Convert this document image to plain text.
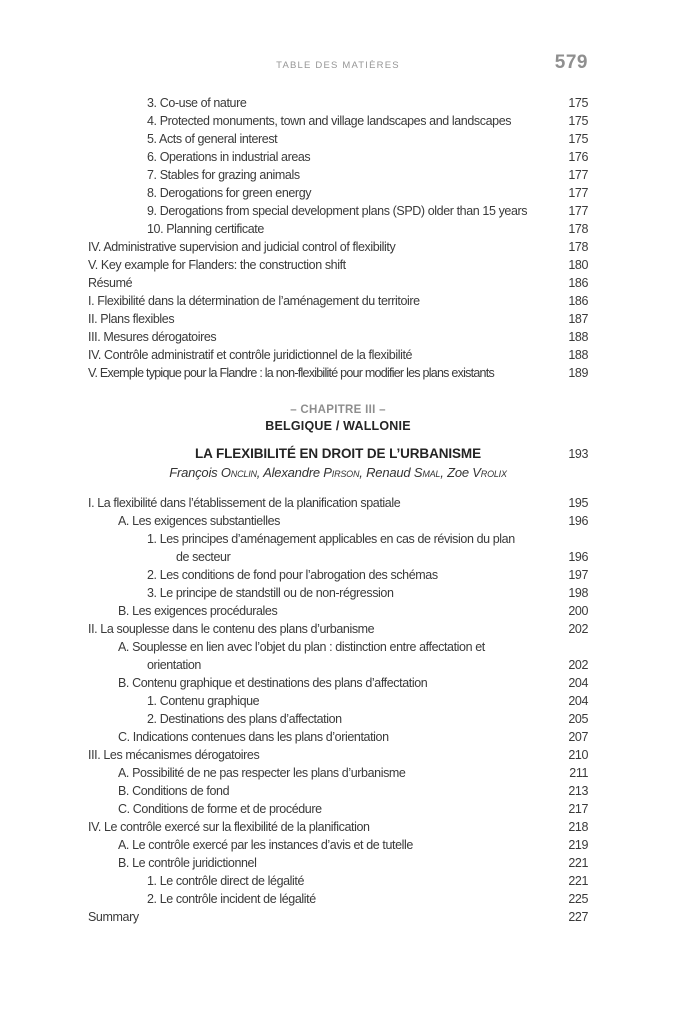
TABLE DES MATIÈRES	579
3. Co-use of nature	175
4. Protected monuments, town and village landscapes and landscapes	175
5. Acts of general interest	175
6. Operations in industrial areas	176
7. Stables for grazing animals	177
8. Derogations for green energy	177
9. Derogations from special development plans (SPD) older than 15 years	177
10. Planning certificate	178
IV. Administrative supervision and judicial control of flexibility	178
V. Key example for Flanders: the construction shift	180
Résumé	186
I. Flexibilité dans la détermination de l’aménagement du territoire	186
II. Plans flexibles	187
III. Mesures dérogatoires	188
IV. Contrôle administratif et contrôle juridictionnel de la flexibilité	188
V. Exemple typique pour la Flandre : la non-flexibilité pour modifier les plans existants	189
– CHAPITRE III –
BELGIQUE / WALLONIE
LA FLEXIBILITÉ EN DROIT DE L’URBANISME	193
François Onclin, Alexandre Pirson, Renaud Smal, Zoe Vrolix
I. La flexibilité dans l’établissement de la planification spatiale	195
A. Les exigences substantielles	196
1. Les principes d’aménagement applicables en cas de révision du plan
de secteur	196
2. Les conditions de fond pour l’abrogation des schémas	197
3. Le principe de standstill ou de non-régression	198
B. Les exigences procédurales	200
II. La souplesse dans le contenu des plans d’urbanisme	202
A. Souplesse en lien avec l’objet du plan : distinction entre affectation et
orientation	202
B. Contenu graphique et destinations des plans d’affectation	204
1. Contenu graphique	204
2. Destinations des plans d’affectation	205
C. Indications contenues dans les plans d’orientation	207
III. Les mécanismes dérogatoires	210
A. Possibilité de ne pas respecter les plans d’urbanisme	211
B. Conditions de fond	213
C. Conditions de forme et de procédure	217
IV. Le contrôle exercé sur la flexibilité de la planification	218
A. Le contrôle exercé par les instances d’avis et de tutelle	219
B. Le contrôle juridictionnel	221
1. Le contrôle direct de légalité	221
2. Le contrôle incident de légalité	225
Summary	227
